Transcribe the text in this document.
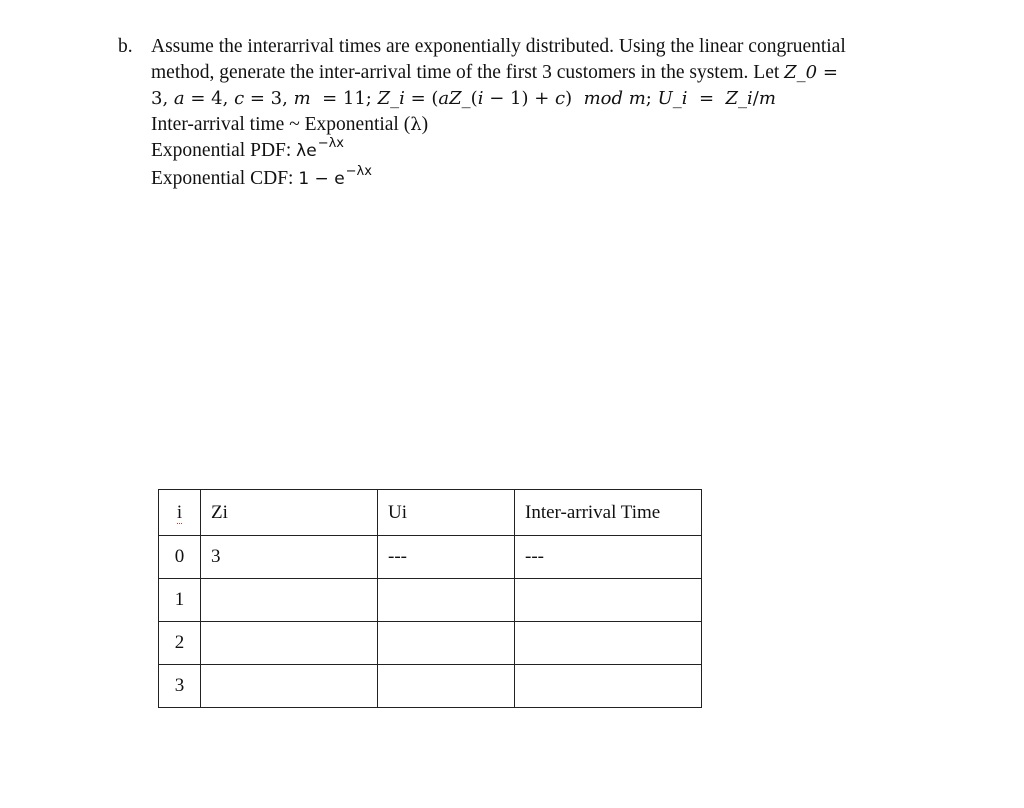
b. Assume the interarrival times are exponentially distributed. Using the linear congruential
method, generate the inter-arrival time of the first 3 customers in the system. Let Z_0 =
3, a = 4, c = 3, m  = 11; Z_i = (aZ_(i − 1) + c)  mod m; U_i  =  Z_i/m
Inter-arrival time ~ Exponential (λ)
Exponential PDF: $\lambda e^{-\lambda x}$
Exponential CDF: $1 - e^{-\lambda x}$
i	Zi	Ui	Inter-arrival Time
0	3	---	---
1			
2			
3			
